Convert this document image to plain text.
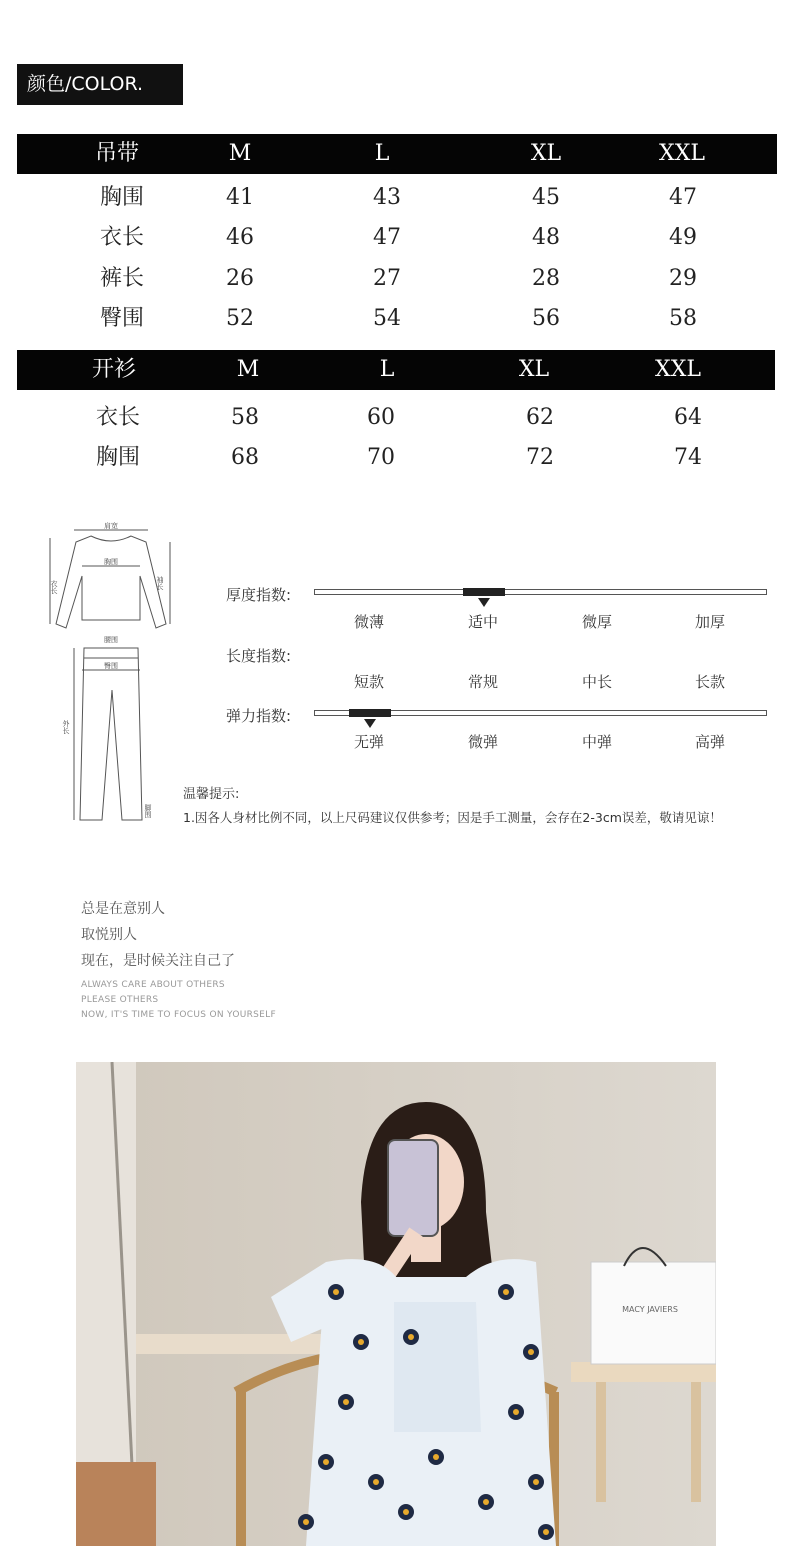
颜色/COLOR.
吊带	M	L	XL	XXL
胸围	41	43	45	47
衣长	46	47	48	49
裤长	26	27	28	29
臀围	52	54	56	58
开衫	M	L	XL	XXL
衣长	58	60	62	64
胸围	68	70	72	74
肩宽
胸围
衣长	袖长
腰围
臀围
外长
脚围
厚度指数:
微薄	适中	微厚	加厚
长度指数:
短款	常规	中长	长款
弹力指数:
无弹	微弹	中弹	高弹
温馨提示:
1.因各人身材比例不同，以上尺码建议仅供参考；因是手工测量，会存在2-3cm误差，敬请见谅！
总是在意别人
取悦别人
现在，是时候关注自己了
ALWAYS CARE ABOUT OTHERS
PLEASE OTHERS
NOW, IT'S TIME TO FOCUS ON YOURSELF
MACY JAVIERS
